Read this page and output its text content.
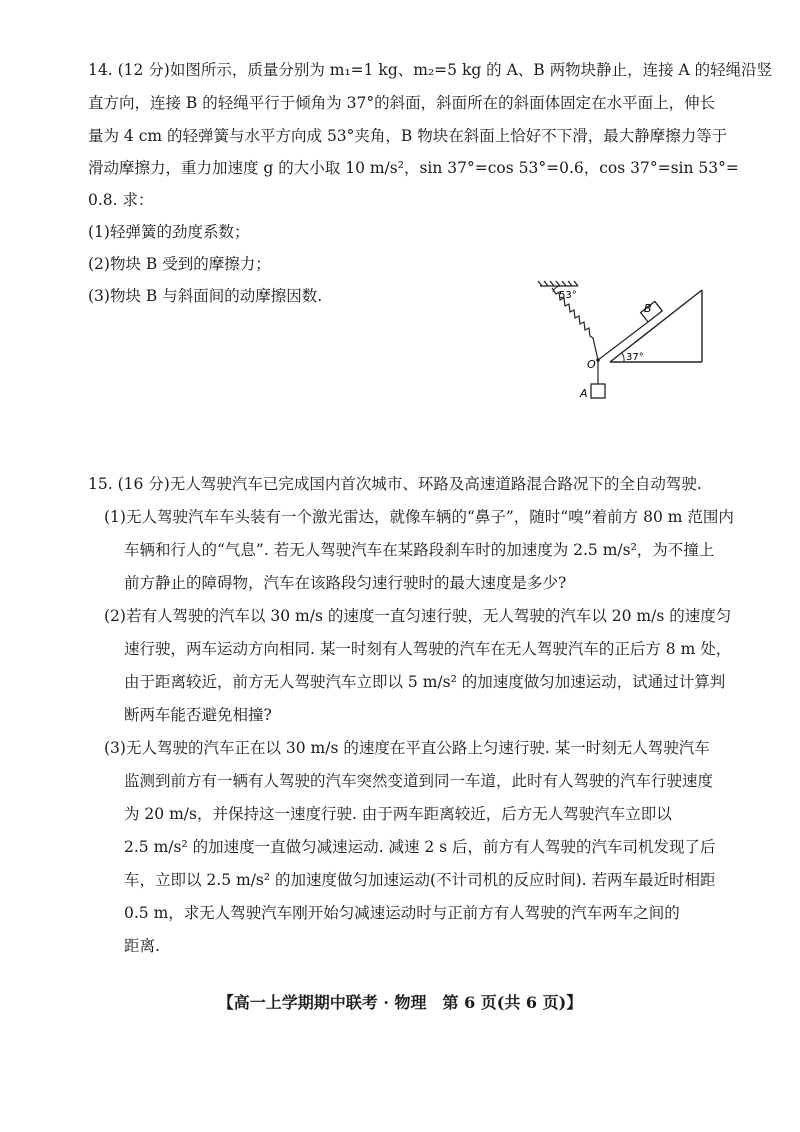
14. (12 分)如图所示，质量分别为 m₁=1 kg、m₂=5 kg 的 A、B 两物块静止，连接 A 的轻绳沿竖
直方向，连接 B 的轻绳平行于倾角为 37°的斜面，斜面所在的斜面体固定在水平面上，伸长
量为 4 cm 的轻弹簧与水平方向成 53°夹角，B 物块在斜面上恰好不下滑，最大静摩擦力等于
滑动摩擦力，重力加速度 g 的大小取 10 m/s²，sin 37°=cos 53°=0.6，cos 37°=sin 53°=
0.8. 求：
(1)轻弹簧的劲度系数；
(2)物块 B 受到的摩擦力；
(3)物块 B 与斜面间的动摩擦因数.	53°
B
37°
O
A
15. (16 分)无人驾驶汽车已完成国内首次城市、环路及高速道路混合路况下的全自动驾驶.
(1)无人驾驶汽车车头装有一个激光雷达，就像车辆的“鼻子”，随时“嗅”着前方 80 m 范围内
车辆和行人的“气息”. 若无人驾驶汽车在某路段刹车时的加速度为 2.5 m/s²，为不撞上
前方静止的障碍物，汽车在该路段匀速行驶时的最大速度是多少?
(2)若有人驾驶的汽车以 30 m/s 的速度一直匀速行驶，无人驾驶的汽车以 20 m/s 的速度匀
速行驶，两车运动方向相同. 某一时刻有人驾驶的汽车在无人驾驶汽车的正后方 8 m 处，
由于距离较近，前方无人驾驶汽车立即以 5 m/s² 的加速度做匀加速运动，试通过计算判
断两车能否避免相撞?
(3)无人驾驶的汽车正在以 30 m/s 的速度在平直公路上匀速行驶. 某一时刻无人驾驶汽车
监测到前方有一辆有人驾驶的汽车突然变道到同一车道，此时有人驾驶的汽车行驶速度
为 20 m/s，并保持这一速度行驶. 由于两车距离较近，后方无人驾驶汽车立即以
2.5 m/s² 的加速度一直做匀减速运动. 减速 2 s 后，前方有人驾驶的汽车司机发现了后
车，立即以 2.5 m/s² 的加速度做匀加速运动(不计司机的反应时间). 若两车最近时相距
0.5 m，求无人驾驶汽车刚开始匀减速运动时与正前方有人驾驶的汽车两车之间的
距离.
【高一上学期期中联考 · 物理　第 6 页(共 6 页)】
